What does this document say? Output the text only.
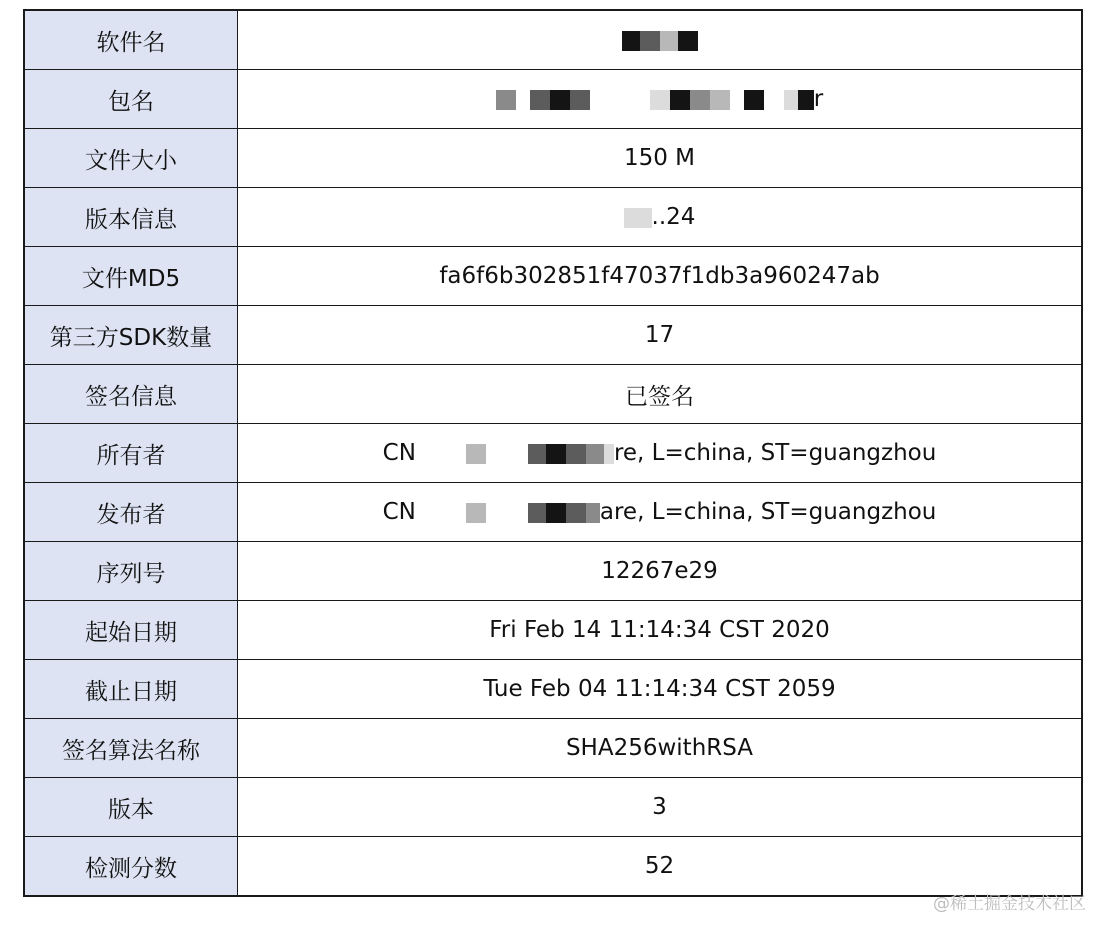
软件名	
包名	r
文件大小	150 M
版本信息	..24
文件MD5	fa6f6b302851f47037f1db3a960247ab
第三方SDK数量	17
签名信息	已签名
所有者	CN re, L=china, ST=guangzhou
发布者	CN are, L=china, ST=guangzhou
序列号	12267e29
起始日期	Fri Feb 14 11:14:34 CST 2020
截止日期	Tue Feb 04 11:14:34 CST 2059
签名算法名称	SHA256withRSA
版本	3
检测分数	52
@稀土掘金技术社区
